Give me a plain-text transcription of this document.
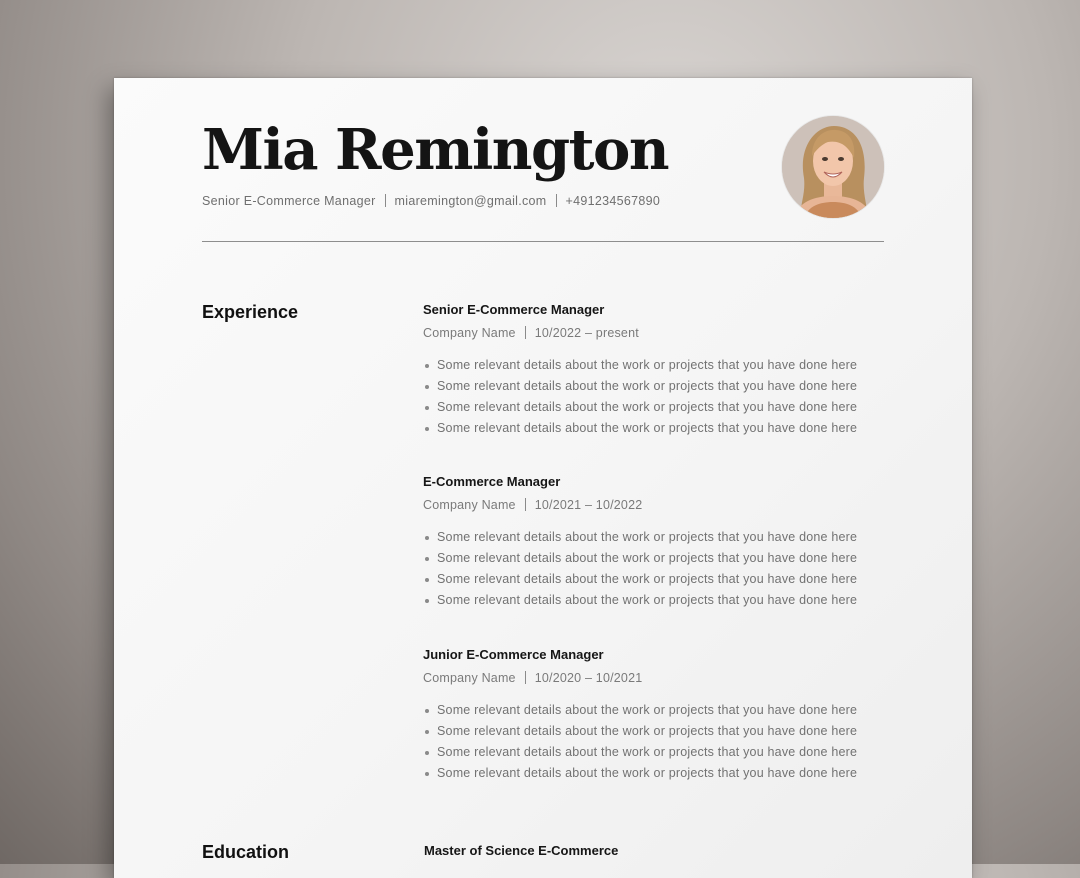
Mia Remington
Senior E-Commerce Manager miaremington@gmail.com +491234567890
Experience	Senior E-Commerce Manager
Company Name 10/2022 – present
Some relevant details about the work or projects that you have done here
Some relevant details about the work or projects that you have done here
Some relevant details about the work or projects that you have done here
Some relevant details about the work or projects that you have done here
E-Commerce Manager
Company Name 10/2021 – 10/2022
Some relevant details about the work or projects that you have done here
Some relevant details about the work or projects that you have done here
Some relevant details about the work or projects that you have done here
Some relevant details about the work or projects that you have done here
Junior E-Commerce Manager
Company Name 10/2020 – 10/2021
Some relevant details about the work or projects that you have done here
Some relevant details about the work or projects that you have done here
Some relevant details about the work or projects that you have done here
Some relevant details about the work or projects that you have done here
Education	Master of Science E-Commerce
